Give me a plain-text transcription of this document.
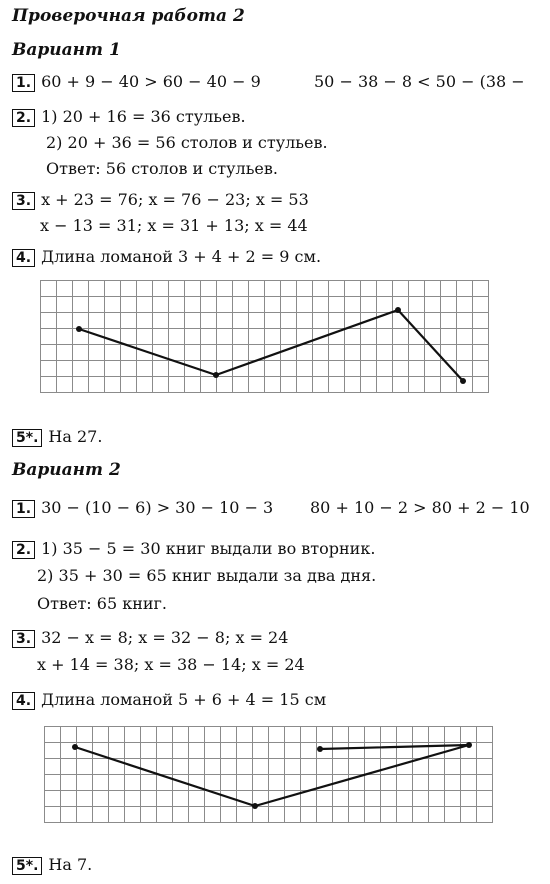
Проверочная работа 2
Вариант 1
1. 60 + 9 − 40 > 60 − 40 − 9	50 − 38 − 8 < 50 − (38 −
2. 1) 20 + 16 = 36 стульев.
2) 20 + 36 = 56 столов и стульев.
Ответ: 56 столов и стульев.
3. x + 23 = 76; x = 76 − 23; x = 53
x − 13 = 31; x = 31 + 13; x = 44
4. Длина ломаной 3 + 4 + 2 = 9 см.
5*. На 27.
Вариант 2
1. 30 − (10 − 6) > 30 − 10 − 3 80 + 10 − 2 > 80 + 2 − 10
2. 1) 35 − 5 = 30 книг выдали во вторник.
2) 35 + 30 = 65 книг выдали за два дня.
Ответ: 65 книг.
3. 32 − x = 8; x = 32 − 8; x = 24
x + 14 = 38; x = 38 − 14; x = 24
4. Длина ломаной 5 + 6 + 4 = 15 см
5*. На 7.
